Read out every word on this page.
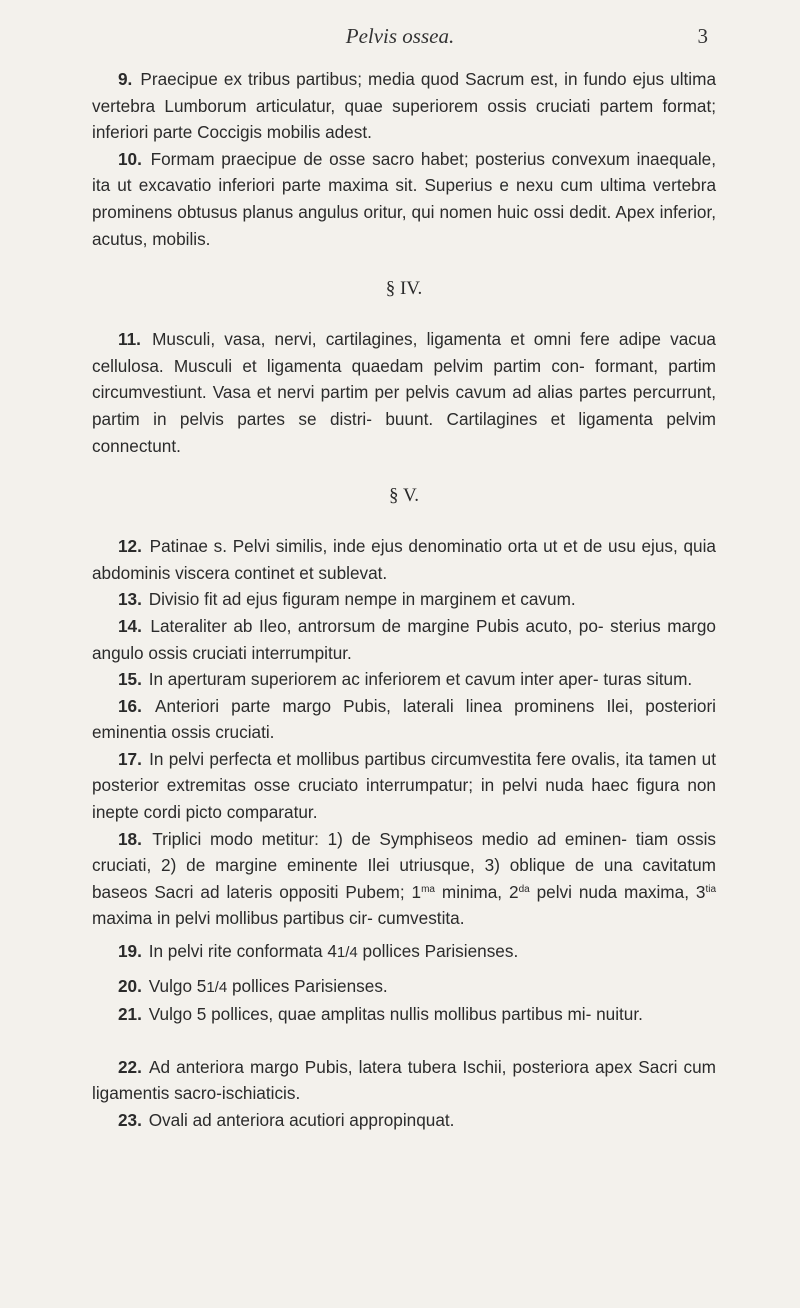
Pelvis ossea.	3

9. Praecipue ex tribus partibus; media quod Sacrum est, in fundo ejus ultima vertebra Lumborum articulatur, quae superiorem ossis cruciati partem format; inferiori parte Coccigis mobilis adest.

10. Formam praecipue de osse sacro habet; posterius convexum inaequale, ita ut excavatio inferiori parte maxima sit. Superius e nexu cum ultima vertebra prominens obtusus planus angulus oritur, qui nomen huic ossi dedit. Apex inferior, acutus, mobilis.

§ IV.

11. Musculi, vasa, nervi, cartilagines, ligamenta et omni fere adipe vacua cellulosa. Musculi et ligamenta quaedam pelvim partim con- formant, partim circumvestiunt. Vasa et nervi partim per pelvis cavum ad alias partes percurrunt, partim in pelvis partes se distri- buunt. Cartilagines et ligamenta pelvim connectunt.

§ V.

12. Patinae s. Pelvi similis, inde ejus denominatio orta ut et de usu ejus, quia abdominis viscera continet et sublevat.

13. Divisio fit ad ejus figuram nempe in marginem et cavum.

14. Lateraliter ab Ileo, antrorsum de margine Pubis acuto, po- sterius margo angulo ossis cruciati interrumpitur.

15. In aperturam superiorem ac inferiorem et cavum inter aper- turas situm.

16. Anteriori parte margo Pubis, laterali linea prominens Ilei, posteriori eminentia ossis cruciati.

17. In pelvi perfecta et mollibus partibus circumvestita fere ovalis, ita tamen ut posterior extremitas osse cruciato interrumpatur; in pelvi nuda haec figura non inepte cordi picto comparatur.

18. Triplici modo metitur: 1) de Symphiseos medio ad eminen- tiam ossis cruciati, 2) de margine eminente Ilei utriusque, 3) oblique de una cavitatum baseos Sacri ad lateris oppositi Pubem; $1^{ma}$ minima, $2^{da}$ pelvi nuda maxima, $3^{tia}$ maxima in pelvi mollibus partibus cir- cumvestita.

19. In pelvi rite conformata 41/4 pollices Parisienses.

20. Vulgo 51/4 pollices Parisienses.

21. Vulgo 5 pollices, quae amplitas nullis mollibus partibus mi- nuitur.

22. Ad anteriora margo Pubis, latera tubera Ischii, posteriora apex Sacri cum ligamentis sacro-ischiaticis.

23. Ovali ad anteriora acutiori appropinquat.
